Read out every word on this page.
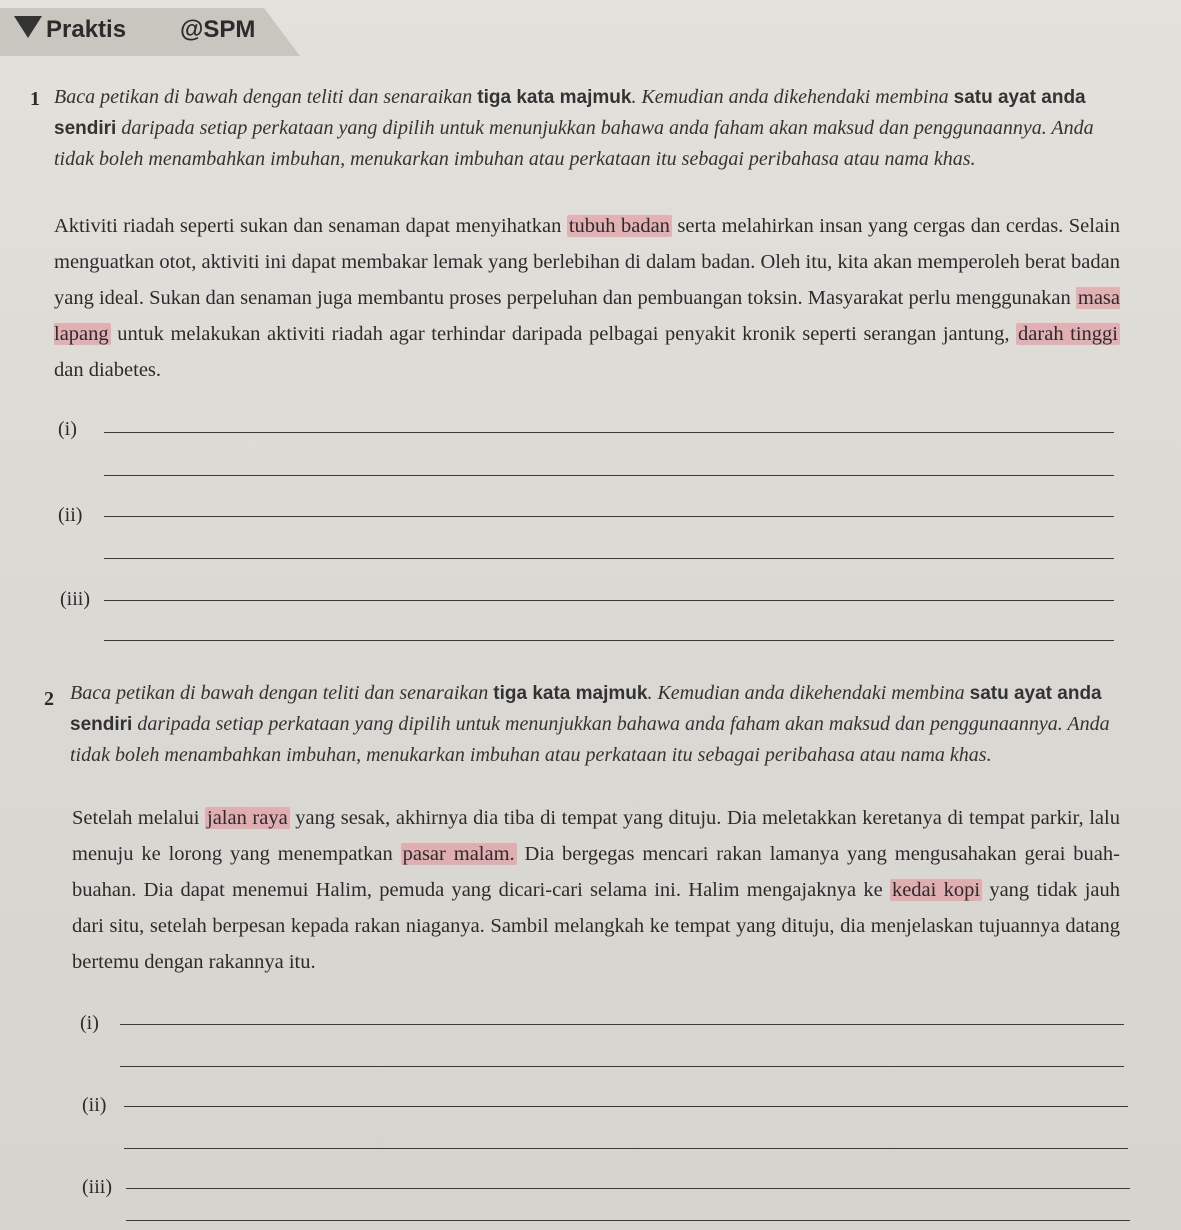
Praktis @SPM
1 Baca petikan di bawah dengan teliti dan senaraikan tiga kata majmuk. Kemudian anda dikehendaki membina satu ayat anda sendiri daripada setiap perkataan yang dipilih untuk menunjukkan bahawa anda faham akan maksud dan penggunaannya. Anda tidak boleh menambahkan imbuhan, menukarkan imbuhan atau perkataan itu sebagai peribahasa atau nama khas.
Aktiviti riadah seperti sukan dan senaman dapat menyihatkan tubuh badan serta melahirkan insan yang cergas dan cerdas. Selain menguatkan otot, aktiviti ini dapat membakar lemak yang berlebihan di dalam badan. Oleh itu, kita akan memperoleh berat badan yang ideal. Sukan dan senaman juga membantu proses perpeluhan dan pembuangan toksin. Masyarakat perlu menggunakan masa lapang untuk melakukan aktiviti riadah agar terhindar daripada pelbagai penyakit kronik seperti serangan jantung, darah tinggi dan diabetes.
(i)
(ii)
(iii)
2 Baca petikan di bawah dengan teliti dan senaraikan tiga kata majmuk. Kemudian anda dikehendaki membina satu ayat anda sendiri daripada setiap perkataan yang dipilih untuk menunjukkan bahawa anda faham akan maksud dan penggunaannya. Anda tidak boleh menambahkan imbuhan, menukarkan imbuhan atau perkataan itu sebagai peribahasa atau nama khas.
Setelah melalui jalan raya yang sesak, akhirnya dia tiba di tempat yang dituju. Dia meletakkan keretanya di tempat parkir, lalu menuju ke lorong yang menempatkan pasar malam. Dia bergegas mencari rakan lamanya yang mengusahakan gerai buah-buahan. Dia dapat menemui Halim, pemuda yang dicari-cari selama ini. Halim mengajaknya ke kedai kopi yang tidak jauh dari situ, setelah berpesan kepada rakan niaganya. Sambil melangkah ke tempat yang dituju, dia menjelaskan tujuannya datang bertemu dengan rakannya itu.
(i)
(ii)
(iii)
